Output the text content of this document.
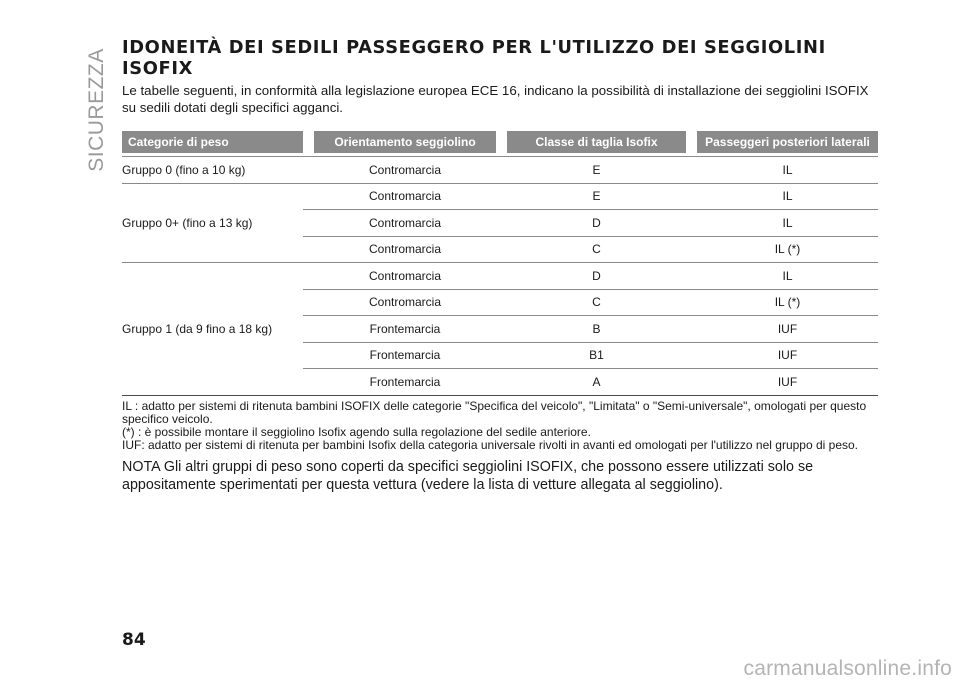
SICUREZZA
IDONEITÀ DEI SEDILI PASSEGGERO PER L'UTILIZZO DEI SEGGIOLINI ISOFIX

Le tabelle seguenti, in conformità alla legislazione europea ECE 16, indicano la possibilità di installazione dei seggiolini ISOFIX su sedili dotati degli specifici agganci.

Categorie di peso		Orientamento seggiolino		Classe di taglia Isofix		Passeggeri posteriori laterali

Gruppo 0 (fino a 10 kg)		Contromarcia		E		IL
Gruppo 0+ (fino a 13 kg)		Contromarcia		E		IL
		Contromarcia		D		IL
		Contromarcia		C		IL (*)
Gruppo 1 (da 9 fino a 18 kg)		Contromarcia		D		IL
		Contromarcia		C		IL (*)
		Frontemarcia		B		IUF
		Frontemarcia		B1		IUF
		Frontemarcia		A		IUF

IL : adatto per sistemi di ritenuta bambini ISOFIX delle categorie "Specifica del veicolo", "Limitata" o "Semi-universale", omologati per questo specifico veicolo.

(*) : è possibile montare il seggiolino Isofix agendo sulla regolazione del sedile anteriore.

IUF: adatto per sistemi di ritenuta per bambini Isofix della categoria universale rivolti in avanti ed omologati per l'utilizzo nel gruppo di peso.

NOTA Gli altri gruppi di peso sono coperti da specifici seggiolini ISOFIX, che possono essere utilizzati solo se appositamente sperimentati per questa vettura (vedere la lista di vetture allegata al seggiolino).

84
carmanualsonline.info
